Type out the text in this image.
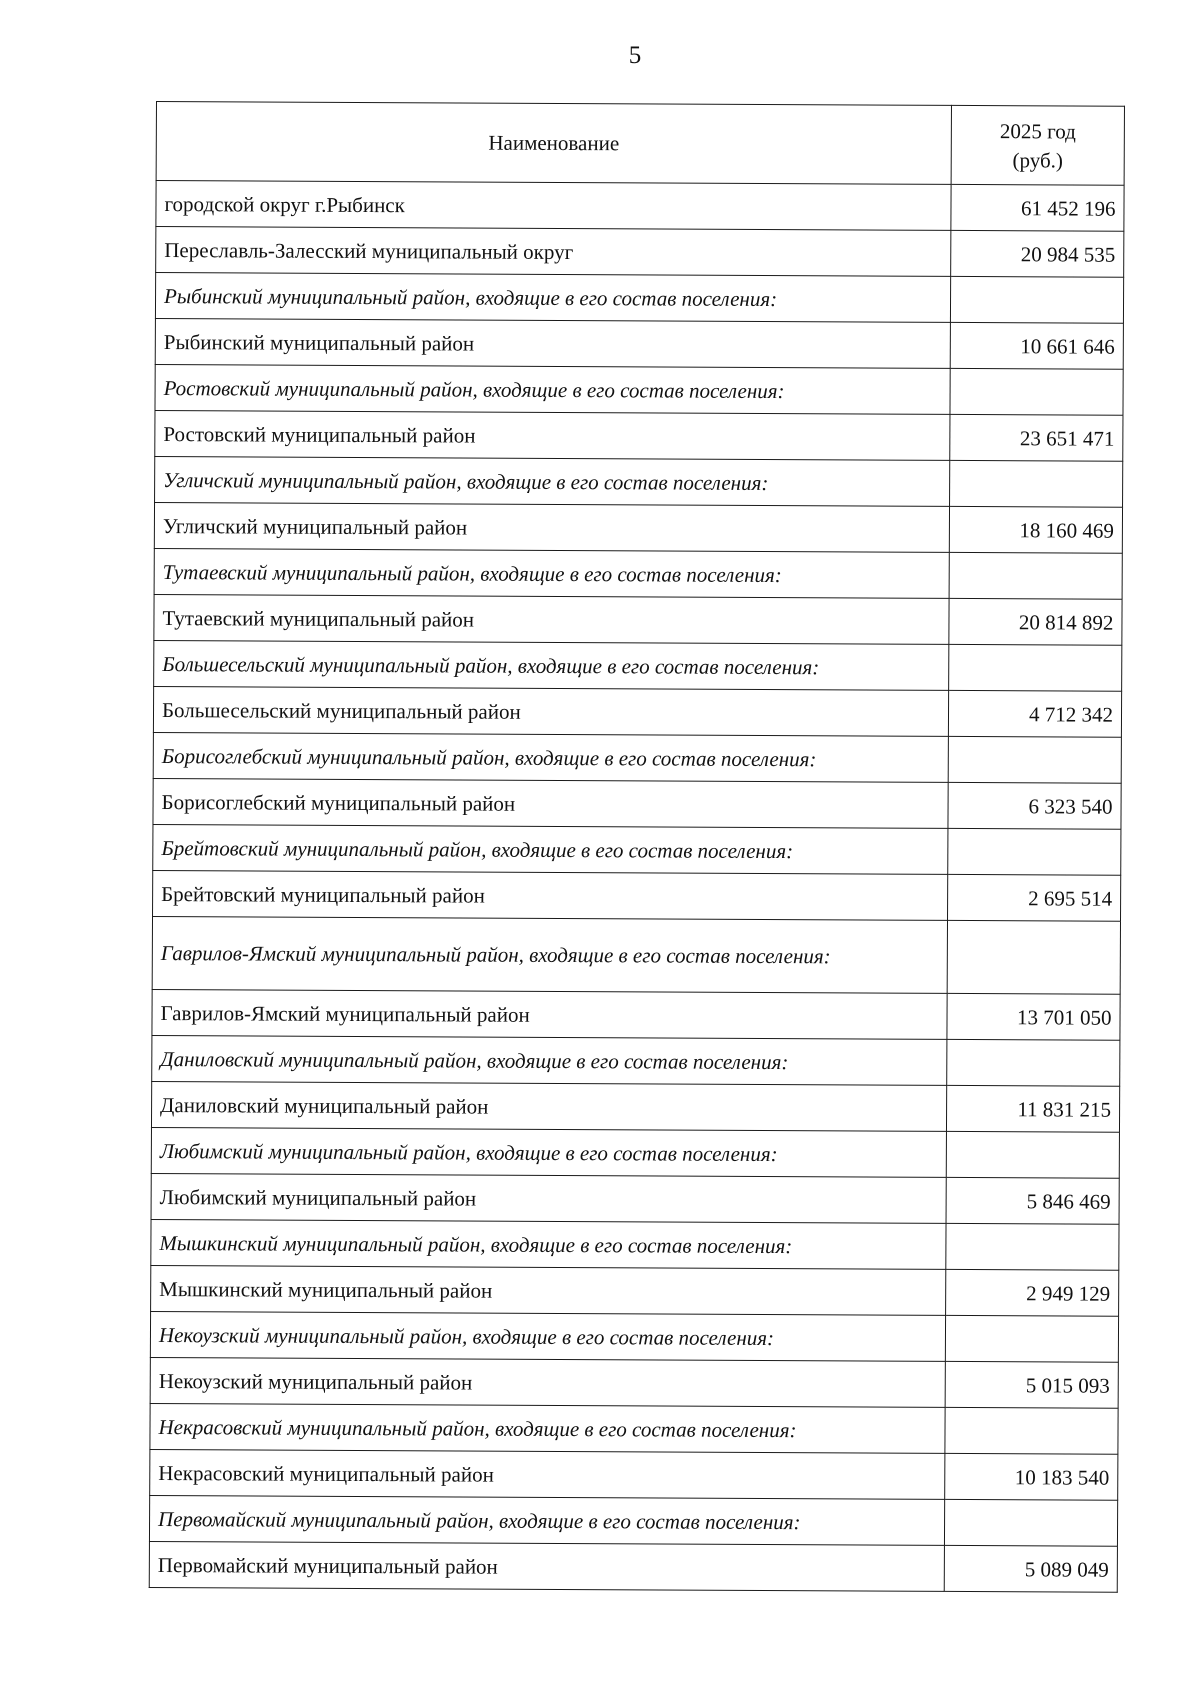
5
Наименование	2025 год
(руб.)
городской округ г.Рыбинск	61 452 196
Переславль-Залесский муниципальный округ	20 984 535
Рыбинский муниципальный район, входящие в его состав поселения:	
Рыбинский муниципальный район	10 661 646
Ростовский муниципальный район, входящие в его состав поселения:	
Ростовский муниципальный район	23 651 471
Угличский муниципальный район, входящие в его состав поселения:	
Угличский муниципальный район	18 160 469
Тутаевский муниципальный район, входящие в его состав поселения:	
Тутаевский муниципальный район	20 814 892
Большесельский муниципальный район, входящие в его состав поселения:	
Большесельский муниципальный район	4 712 342
Борисоглебский муниципальный район, входящие в его состав поселения:	
Борисоглебский муниципальный район	6 323 540
Брейтовский муниципальный район, входящие в его состав поселения:	
Брейтовский муниципальный район	2 695 514
Гаврилов-Ямский муниципальный район, входящие в его состав поселения:	
Гаврилов-Ямский муниципальный район	13 701 050
Даниловский муниципальный район, входящие в его состав поселения:	
Даниловский муниципальный район	11 831 215
Любимский муниципальный район, входящие в его состав поселения:	
Любимский муниципальный район	5 846 469
Мышкинский муниципальный район, входящие в его состав поселения:	
Мышкинский муниципальный район	2 949 129
Некоузский муниципальный район, входящие в его состав поселения:	
Некоузский муниципальный район	5 015 093
Некрасовский муниципальный район, входящие в его состав поселения:	
Некрасовский муниципальный район	10 183 540
Первомайский муниципальный район, входящие в его состав поселения:	
Первомайский муниципальный район	5 089 049
